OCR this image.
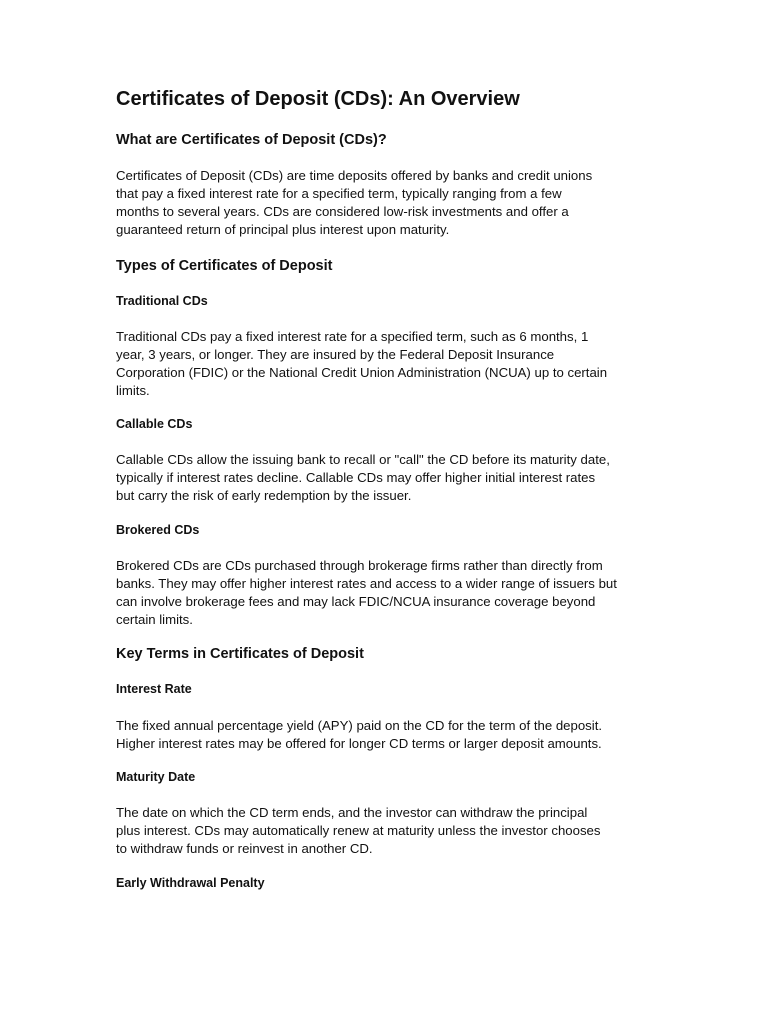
Certificates of Deposit (CDs): An Overview
What are Certificates of Deposit (CDs)?
Certificates of Deposit (CDs) are time deposits offered by banks and credit unions
that pay a fixed interest rate for a specified term, typically ranging from a few
months to several years. CDs are considered low-risk investments and offer a
guaranteed return of principal plus interest upon maturity.
Types of Certificates of Deposit
Traditional CDs
Traditional CDs pay a fixed interest rate for a specified term, such as 6 months, 1
year, 3 years, or longer. They are insured by the Federal Deposit Insurance
Corporation (FDIC) or the National Credit Union Administration (NCUA) up to certain
limits.
Callable CDs
Callable CDs allow the issuing bank to recall or "call" the CD before its maturity date,
typically if interest rates decline. Callable CDs may offer higher initial interest rates
but carry the risk of early redemption by the issuer.
Brokered CDs
Brokered CDs are CDs purchased through brokerage firms rather than directly from
banks. They may offer higher interest rates and access to a wider range of issuers but
can involve brokerage fees and may lack FDIC/NCUA insurance coverage beyond
certain limits.
Key Terms in Certificates of Deposit
Interest Rate
The fixed annual percentage yield (APY) paid on the CD for the term of the deposit.
Higher interest rates may be offered for longer CD terms or larger deposit amounts.
Maturity Date
The date on which the CD term ends, and the investor can withdraw the principal
plus interest. CDs may automatically renew at maturity unless the investor chooses
to withdraw funds or reinvest in another CD.
Early Withdrawal Penalty
